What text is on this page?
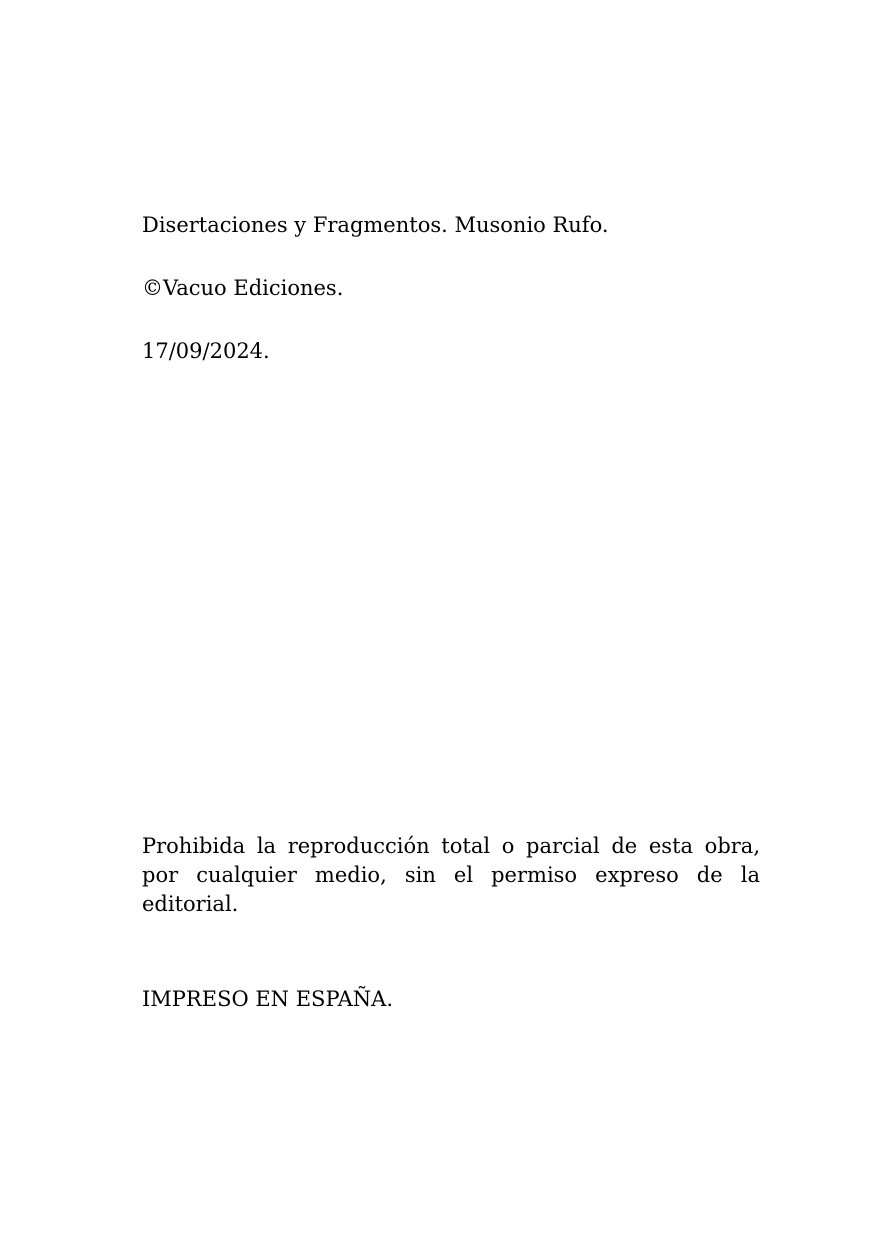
Disertaciones y Fragmentos. Musonio Rufo.

©Vacuo Ediciones.

17/09/2024.

Prohibida la reproducción total o parcial de esta obra, por cualquier medio, sin el permiso expreso de la editorial.

IMPRESO EN ESPAÑA.
